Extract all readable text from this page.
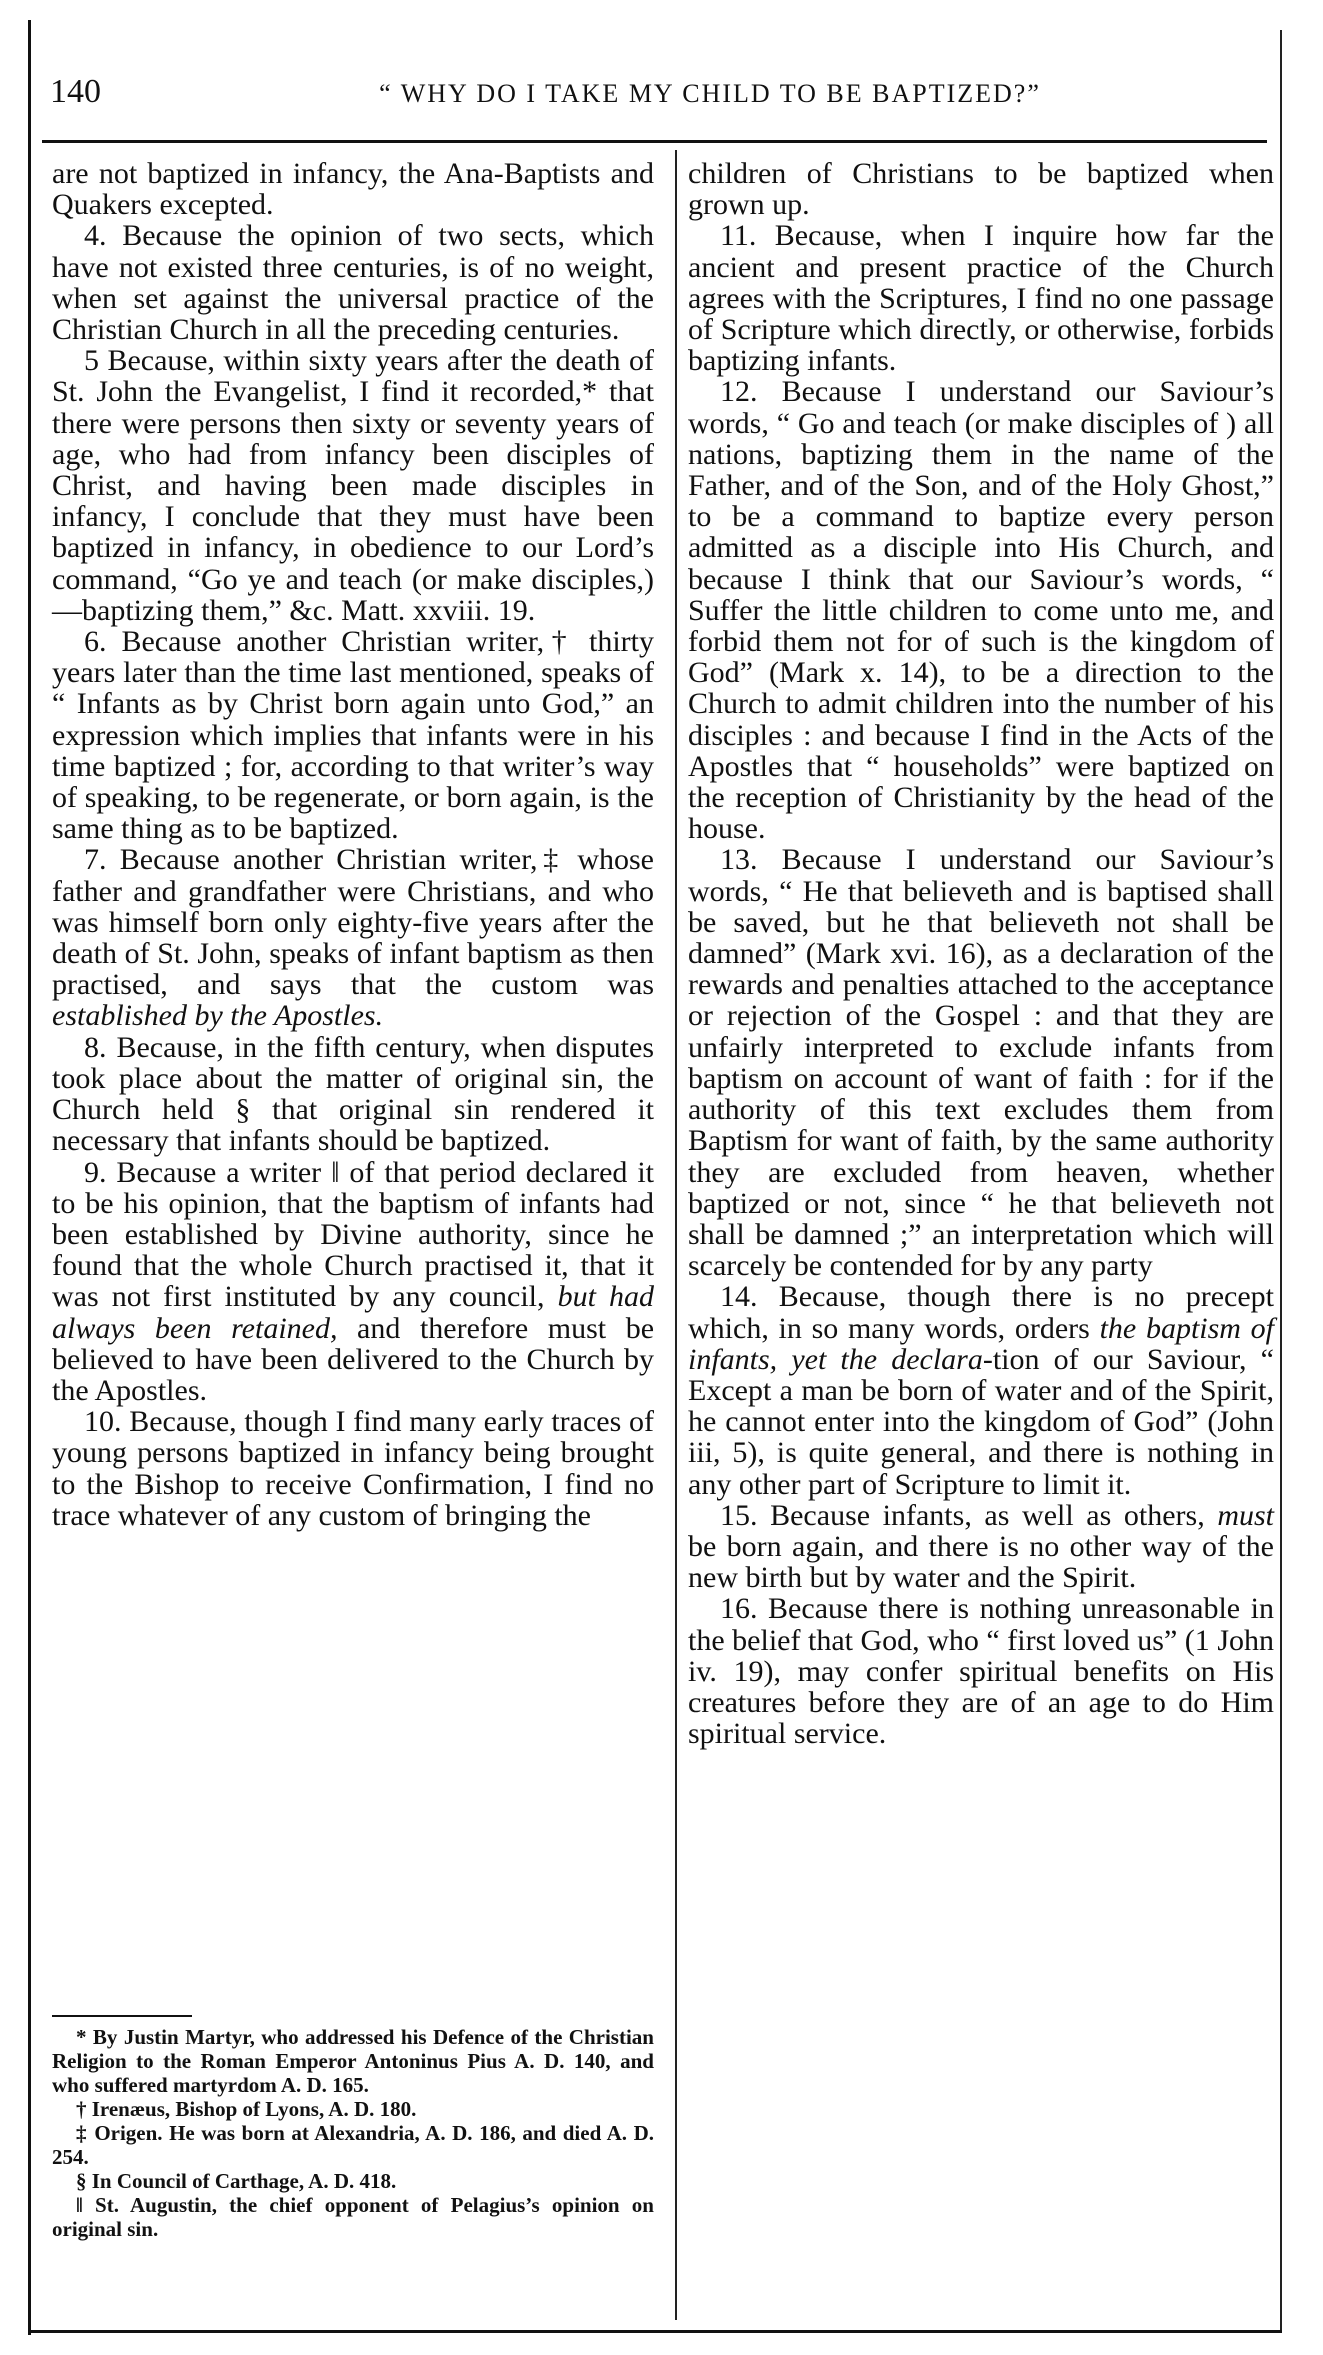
140	“ WHY DO I TAKE MY CHILD TO BE BAPTIZED?”

are not baptized in infancy, the Ana-Baptists and Quakers excepted.

4. Because the opinion of two sects, which have not existed three centuries, is of no weight, when set against the universal practice of the Christian Church in all the preceding centuries.

5 Because, within sixty years after the death of St. John the Evangelist, I find it recorded,* that there were persons then sixty or seventy years of age, who had from infancy been disciples of Christ, and having been made disciples in infancy, I conclude that they must have been baptized in infancy, in obedience to our Lord’s command, “Go ye and teach (or make disciples,)—baptizing them,” &c. Matt. xxviii. 19.

6. Because another Christian writer,† thirty years later than the time last mentioned, speaks of “ Infants as by Christ born again unto God,” an expression which implies that infants were in his time baptized ; for, according to that writer’s way of speaking, to be regenerate, or born again, is the same thing as to be baptized.

7. Because another Christian writer,‡ whose father and grandfather were Christians, and who was himself born only eighty-five years after the death of St. John, speaks of infant baptism as then practised, and says that the custom was established by the Apostles.

8. Because, in the fifth century, when disputes took place about the matter of original sin, the Church held § that original sin rendered it necessary that infants should be baptized.

9. Because a writer ‖ of that period declared it to be his opinion, that the baptism of infants had been established by Divine authority, since he found that the whole Church practised it, that it was not first instituted by any council, but had always been retained, and therefore must be believed to have been delivered to the Church by the Apostles.

10. Because, though I find many early traces of young persons baptized in infancy being brought to the Bishop to receive Confirmation, I find no trace whatever of any custom of bringing the

children of Christians to be baptized when grown up.

11. Because, when I inquire how far the ancient and present practice of the Church agrees with the Scriptures, I find no one passage of Scripture which directly, or otherwise, forbids baptizing infants.

12. Because I understand our Saviour’s words, “ Go and teach (or make disciples of ) all nations, baptizing them in the name of the Father, and of the Son, and of the Holy Ghost,” to be a command to baptize every person admitted as a disciple into His Church, and because I think that our Saviour’s words, “ Suffer the little children to come unto me, and forbid them not for of such is the kingdom of God” (Mark x. 14), to be a direction to the Church to admit children into the number of his disciples : and because I find in the Acts of the Apostles that “ households” were baptized on the reception of Christianity by the head of the house.

13. Because I understand our Saviour’s words, “ He that believeth and is baptised shall be saved, but he that believeth not shall be damned” (Mark xvi. 16), as a declaration of the rewards and penalties attached to the acceptance or rejection of the Gospel : and that they are unfairly interpreted to exclude infants from baptism on account of want of faith : for if the authority of this text excludes them from Baptism for want of faith, by the same authority they are excluded from heaven, whether baptized or not, since “ he that believeth not shall be damned ;” an interpretation which will scarcely be contended for by any party

14. Because, though there is no precept which, in so many words, orders the baptism of infants, yet the declara-tion of our Saviour, “ Except a man be born of water and of the Spirit, he cannot enter into the kingdom of God” (John iii, 5), is quite general, and there is nothing in any other part of Scripture to limit it.

15. Because infants, as well as others, must be born again, and there is no other way of the new birth but by water and the Spirit.

16. Because there is nothing unreasonable in the belief that God, who “ first loved us” (1 John iv. 19), may confer spiritual benefits on His creatures before they are of an age to do Him spiritual service.

* By Justin Martyr, who addressed his Defence of the Christian Religion to the Roman Emperor Antoninus Pius A. D. 140, and who suffered martyrdom A. D. 165.

† Irenæus, Bishop of Lyons, A. D. 180.

‡ Origen. He was born at Alexandria, A. D. 186, and died A. D. 254.

§ In Council of Carthage, A. D. 418.

‖ St. Augustin, the chief opponent of Pelagius’s opinion on original sin.
